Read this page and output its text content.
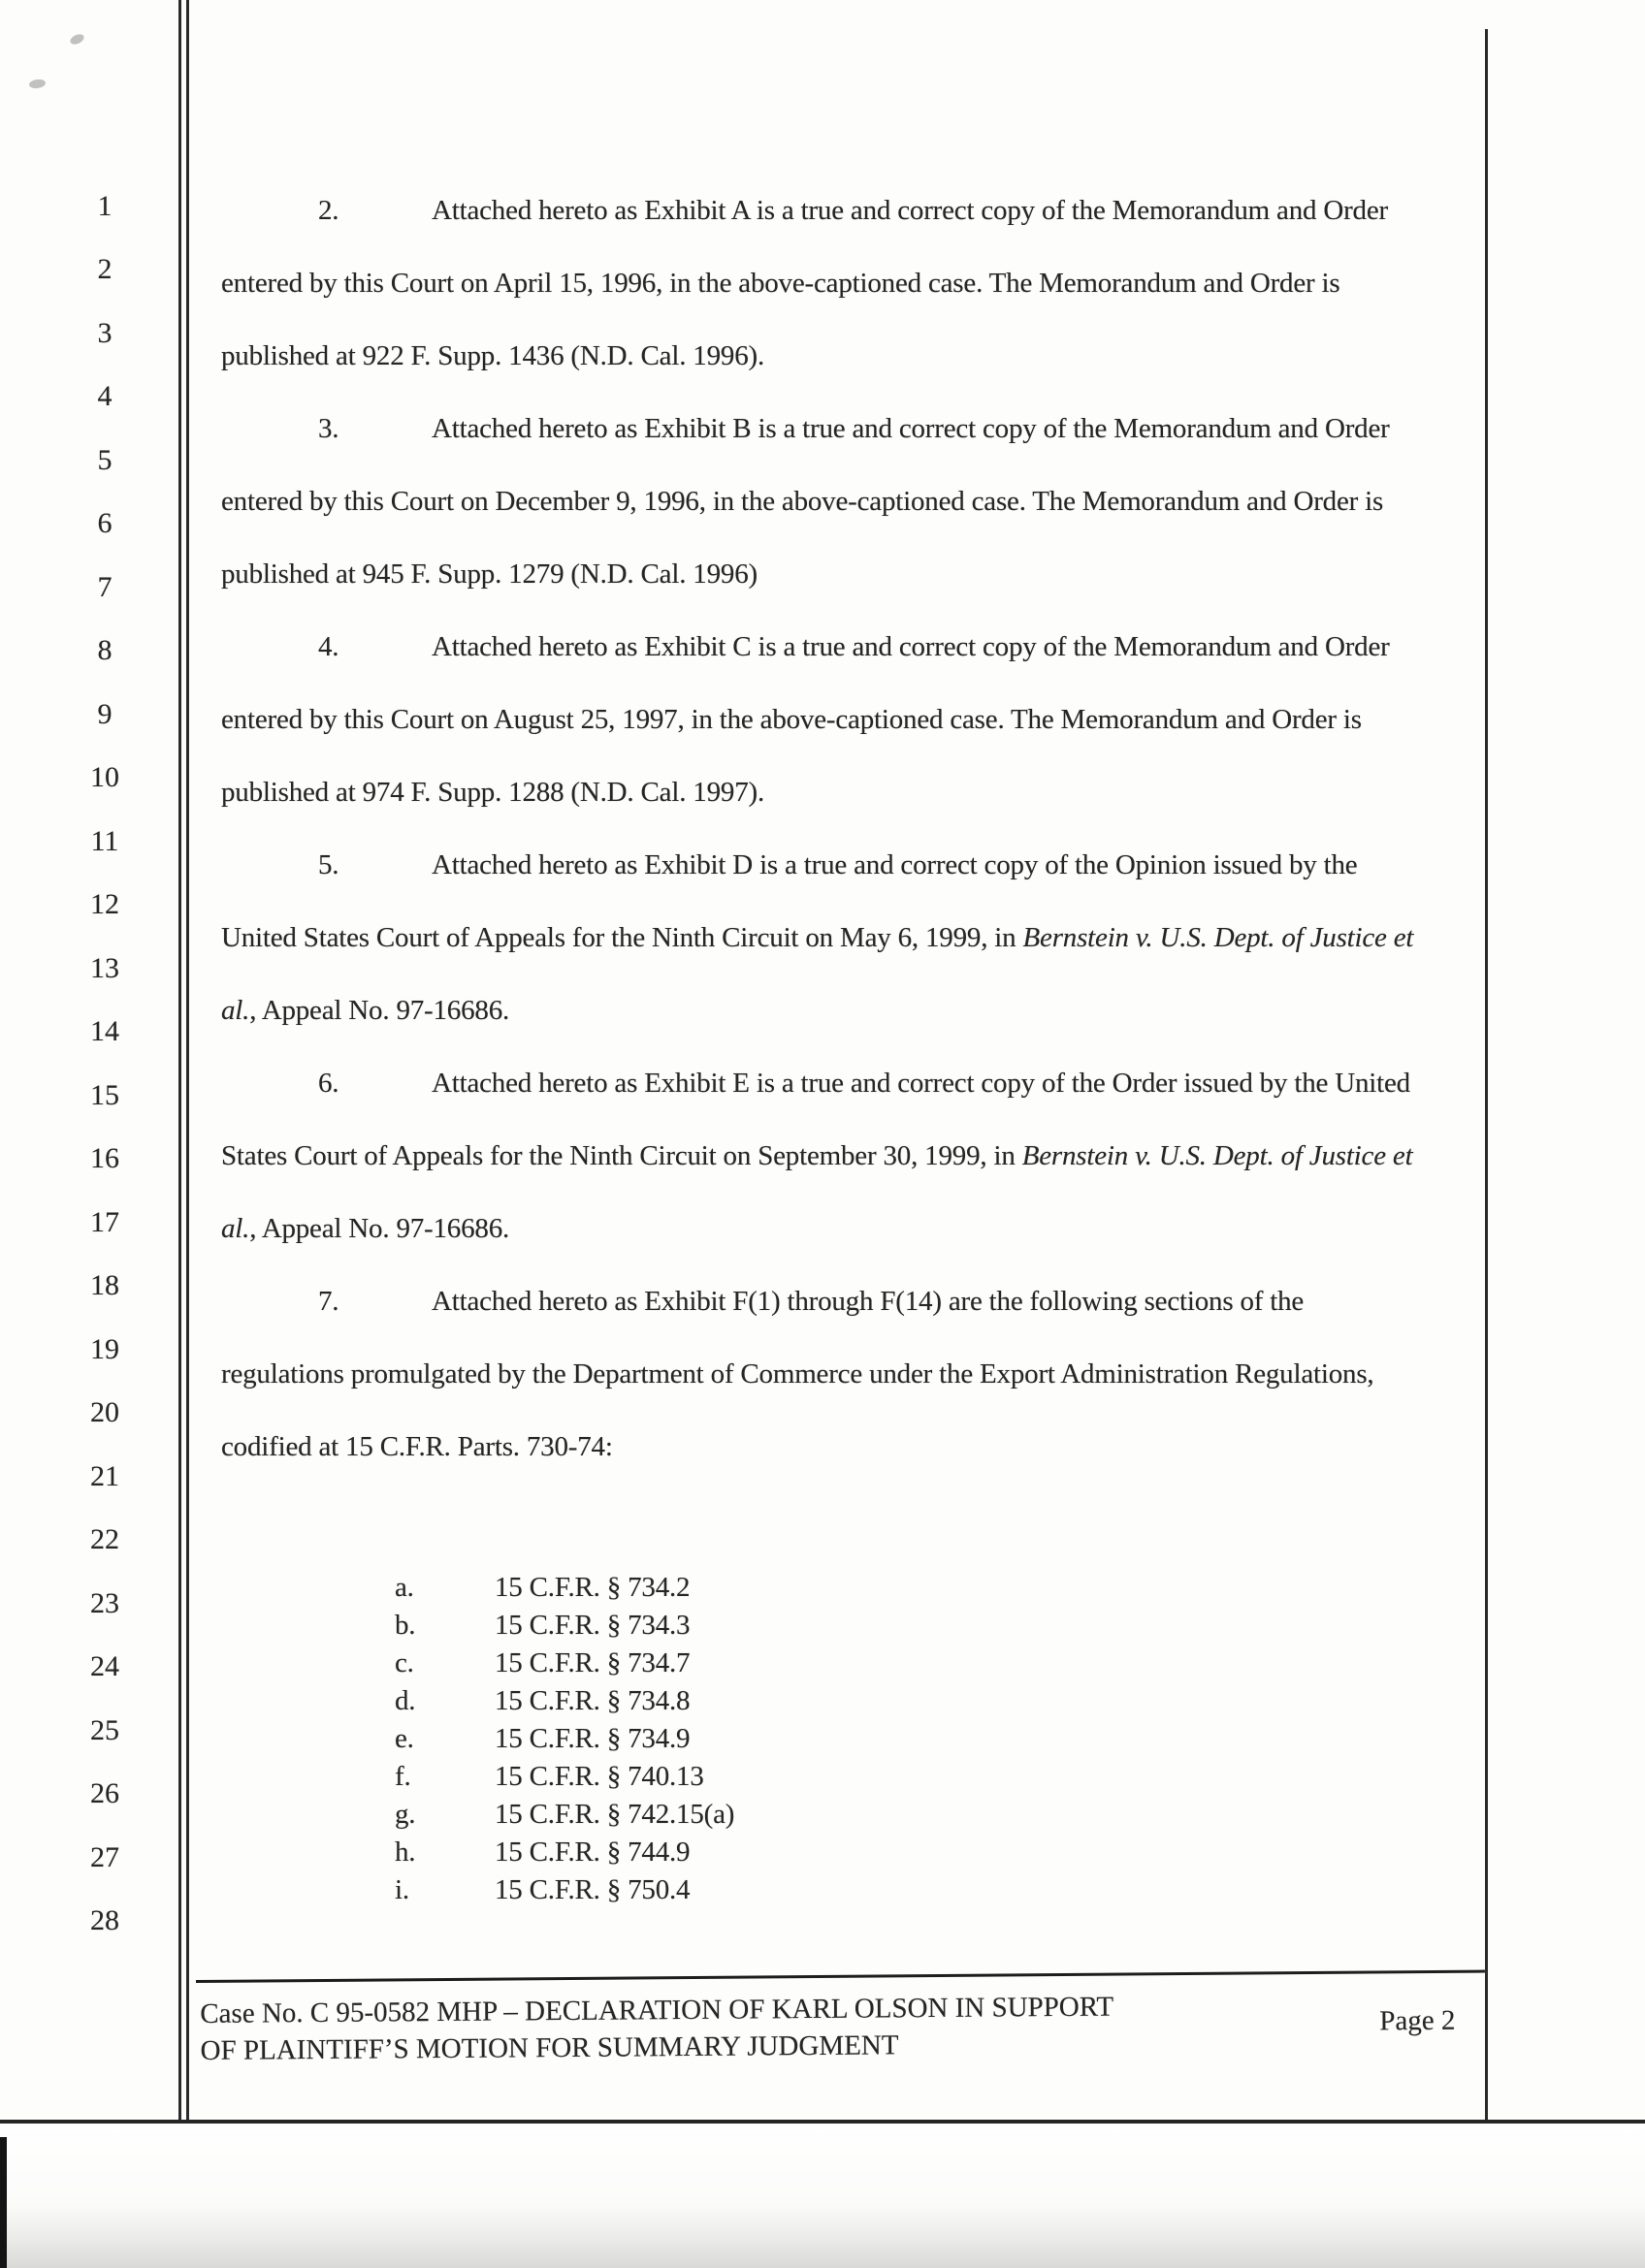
1
2
3
4
5
6
7
8
9
10
11
12
13
14
15
16
17
18
19
20
21
22
23
24
25
26
27
28

2.	Attached hereto as Exhibit A is a true and correct copy of the Memorandum and Order entered by this Court on April 15, 1996, in the above-captioned case. The Memorandum and Order is published at 922 F. Supp. 1436 (N.D. Cal. 1996).

3.	Attached hereto as Exhibit B is a true and correct copy of the Memorandum and Order entered by this Court on December 9, 1996, in the above-captioned case. The Memorandum and Order is published at 945 F. Supp. 1279 (N.D. Cal. 1996)

4.	Attached hereto as Exhibit C is a true and correct copy of the Memorandum and Order entered by this Court on August 25, 1997, in the above-captioned case. The Memorandum and Order is published at 974 F. Supp. 1288 (N.D. Cal. 1997).

5.	Attached hereto as Exhibit D is a true and correct copy of the Opinion issued by the United States Court of Appeals for the Ninth Circuit on May 6, 1999, in Bernstein v. U.S. Dept. of Justice et al., Appeal No. 97-16686.

6.	Attached hereto as Exhibit E is a true and correct copy of the Order issued by the United States Court of Appeals for the Ninth Circuit on September 30, 1999, in Bernstein v. U.S. Dept. of Justice et al., Appeal No. 97-16686.

7.	Attached hereto as Exhibit F(1) through F(14) are the following sections of the regulations promulgated by the Department of Commerce under the Export Administration Regulations, codified at 15 C.F.R. Parts. 730-74:

a.	15 C.F.R. § 734.2
b.	15 C.F.R. § 734.3
c.	15 C.F.R. § 734.7
d.	15 C.F.R. § 734.8
e.	15 C.F.R. § 734.9
f.	15 C.F.R. § 740.13
g.	15 C.F.R. § 742.15(a)
h.	15 C.F.R. § 744.9
i.	15 C.F.R. § 750.4
Case No. C 95-0582 MHP – DECLARATION OF KARL OLSON IN SUPPORT
OF PLAINTIFF’S MOTION FOR SUMMARY JUDGMENT
Page 2
